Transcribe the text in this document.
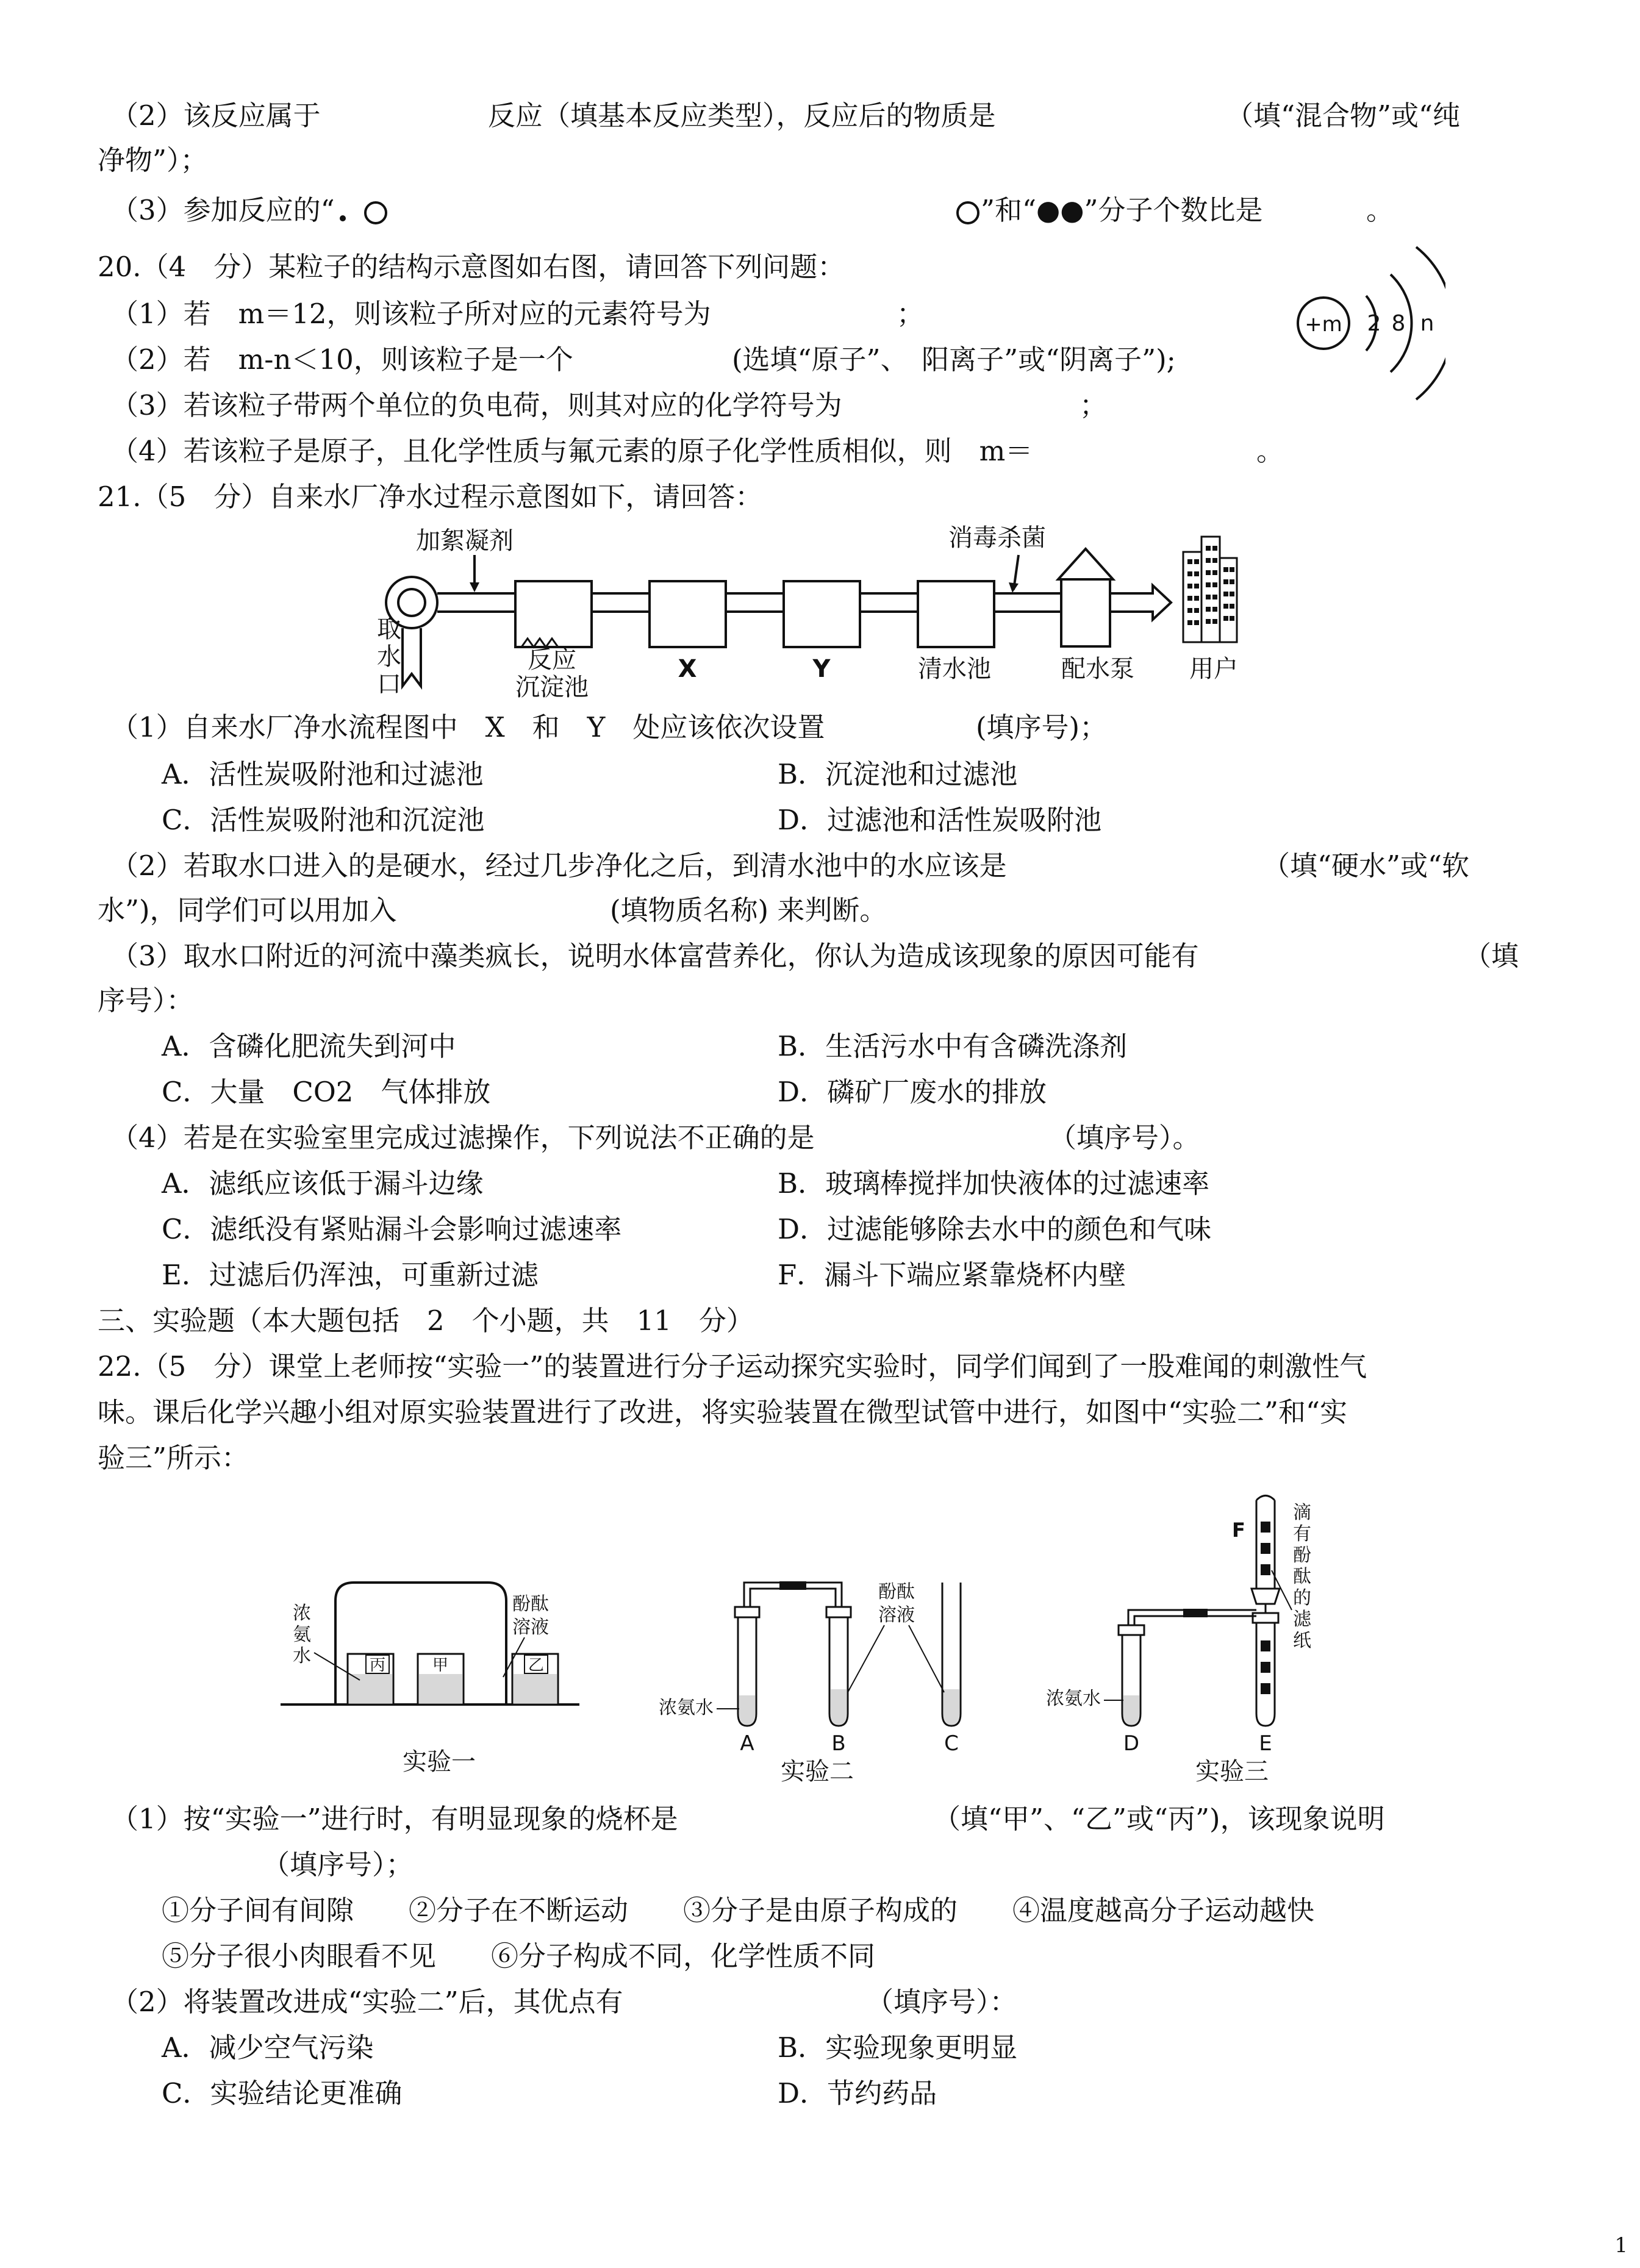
（2）该反应属于	反应（填基本反应类型），反应后的物质是	（填“混合物”或“纯
净物”）；
（3）参加反应的“	”和“●●”分子个数比是	。
20.（4　分）某粒子的结构示意图如右图，请回答下列问题：
（1）若　m＝12，则该粒子所对应的元素符号为	；
（2）若　m-n＜10，则该粒子是一个	(选填“原子”、　阳离子”或“阴离子”);
（3）若该粒子带两个单位的负电荷，则其对应的化学符号为	；
（4）若该粒子是原子，且化学性质与氟元素的原子化学性质相似，则　m＝	。
+m 2 8 n
21.（5　分）自来水厂净水过程示意图如下，请回答：
取
水
口
加絮凝剂
反应
沉淀池
X	Y	清水池
消毒杀菌
配水泵 用户
（1）自来水厂净水流程图中　X　和　Y　处应该依次设置	(填序号)；
A．活性炭吸附池和过滤池	B．沉淀池和过滤池
C．活性炭吸附池和沉淀池	D．过滤池和活性炭吸附池
（2）若取水口进入的是硬水，经过几步净化之后，到清水池中的水应该是	（填“硬水”或“软
水”)，同学们可以用加入	(填物质名称) 来判断。
（3）取水口附近的河流中藻类疯长，说明水体富营养化，你认为造成该现象的原因可能有	（填
序号）：
A．含磷化肥流失到河中	B．生活污水中有含磷洗涤剂
C．大量　CO2　气体排放	D．磷矿厂废水的排放
（4）若是在实验室里完成过滤操作，下列说法不正确的是	（填序号）。
A．滤纸应该低于漏斗边缘	B．玻璃棒搅拌加快液体的过滤速率
C．滤纸没有紧贴漏斗会影响过滤速率	D．过滤能够除去水中的颜色和气味
E．过滤后仍浑浊，可重新过滤	F．漏斗下端应紧靠烧杯内壁
三、实验题（本大题包括　2　个小题，共　11　分）
22.（5　分）课堂上老师按“实验一”的装置进行分子运动探究实验时，同学们闻到了一股难闻的刺激性气
味。课后化学兴趣小组对原实验装置进行了改进，将实验装置在微型试管中进行，如图中“实验二”和“实
验三”所示：
丙	甲	乙
浓
氨
水
酚酞
溶液
实验一
酚酞
溶液
浓氨水
A	B	C
实验二
F
滴
有
酚
酞
的
滤
纸
浓氨水
D	E
实验三
（1）按“实验一”进行时，有明显现象的烧杯是	（填“甲”、“乙”或“丙”)，该现象说明
（填序号）；
①分子间有间隙　　②分子在不断运动　　③分子是由原子构成的　　④温度越高分子运动越快
⑤分子很小肉眼看不见　　⑥分子构成不同，化学性质不同
（2）将装置改进成“实验二”后，其优点有	（填序号）：
A．减少空气污染	B．实验现象更明显
C．实验结论更准确	D．节约药品
1
